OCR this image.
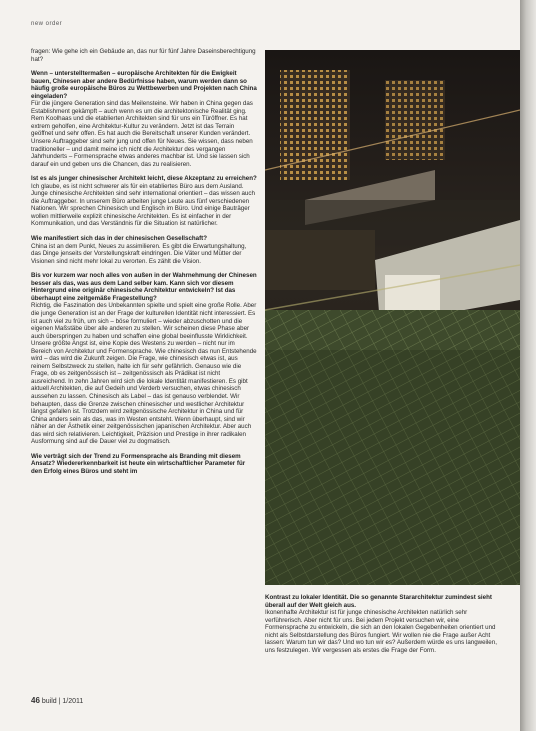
new order

fragen: Wie gehe ich ein Gebäude an, das nur für fünf Jahre Daseinsberechtigung hat?

Wenn – unterstelltermaßen – europäische Architekten für die Ewigkeit bauen, Chinesen aber andere Bedürfnisse haben, warum werden dann so häufig große europäische Büros zu Wettbewerben und Projekten nach China eingeladen?

Für die jüngere Generation sind das Meilensteine. Wir haben in China gegen das Establishment gekämpft – auch wenn es um die architektonische Realität ging. Rem Koolhaas und die etablierten Architekten sind für uns ein Türöffner. Es hat extrem geholfen, eine Architektur-Kultur zu verändern. Jetzt ist das Terrain geöffnet und sehr offen. Es hat auch die Bereitschaft unserer Kunden verändert. Unsere Auftraggeber sind sehr jung und offen für Neues. Sie wissen, dass neben traditioneller – und damit meine ich nicht die Architektur des vergangen Jahrhunderts – Formensprache etwas anderes machbar ist. Und sie lassen sich darauf ein und geben uns die Chancen, das zu realisieren.

Ist es als junger chinesischer Architekt leicht, diese Akzeptanz zu erreichen?

Ich glaube, es ist nicht schwerer als für ein etabliertes Büro aus dem Ausland. Junge chinesische Architekten sind sehr international orientiert – das wissen auch die Auftraggeber. In unserem Büro arbeiten junge Leute aus fünf verschiedenen Nationen. Wir sprechen Chinesisch und Englisch im Büro. Und einige Bauträger wollen mittlerweile explizit chinesische Architekten. Es ist einfacher in der Kommunikation, und das Verständnis für die Situation ist natürlicher.

Wie manifestiert sich das in der chinesischen Gesellschaft?

China ist an dem Punkt, Neues zu assimilieren. Es gibt die Erwartungshaltung, das Dinge jenseits der Vorstellungskraft eindringen. Die Väter und Mütter der Visionen sind nicht mehr lokal zu verorten. Es zählt die Vision.

Bis vor kurzem war noch alles von außen in der Wahrnehmung der Chinesen besser als das, was aus dem Land selber kam. Kann sich vor diesem Hintergrund eine originär chinesische Architektur entwickeln? Ist das überhaupt eine zeitgemäße Fragestellung?

Richtig, die Faszination des Unbekannten spielte und spielt eine große Rolle. Aber die junge Generation ist an der Frage der kulturellen Identität nicht interessiert. Es ist auch viel zu früh, um sich – böse formuliert – wieder abzuschotten und die eigenen Maßstäbe über alle anderen zu stellen. Wir scheinen diese Phase aber auch überspringen zu haben und schaffen eine global beeinflusste Wirklichkeit. Unsere größte Angst ist, eine Kopie des Westens zu werden – nicht nur im Bereich von Architektur und Formensprache. Wie chinesisch das nun Entstehende wird – das wird die Zukunft zeigen. Die Frage, wie chinesisch etwas ist, aus reinem Selbstzweck zu stellen, halte ich für sehr gefährlich. Genauso wie die Frage, ob es zeitgenössisch ist – zeitgenössisch als Prädikat ist nicht ausreichend. In zehn Jahren wird sich die lokale Identität manifestieren. Es gibt aktuell Architekten, die auf Gedeih und Verderb versuchen, etwas chinesisch aussehen zu lassen. Chinesisch als Label – das ist genauso verblendet. Wir behaupten, dass die Grenze zwischen chinesischer und westlicher Architektur längst gefallen ist. Trotzdem wird zeitgenössische Architektur in China und für China anders sein als das, was im Westen entsteht. Wenn überhaupt, sind wir näher an der Ästhetik einer zeitgenössischen japanischen Architektur. Aber auch das wird sich relativieren. Leichtigkeit, Präzision und Prestige in ihrer radikalen Ausformung sind auf die Dauer viel zu dogmatisch.

Wie verträgt sich der Trend zu Formensprache als Branding mit diesem Ansatz? Wiedererkennbarkeit ist heute ein wirtschaftlicher Parameter für den Erfolg eines Büros und steht im

Kontrast zu lokaler Identität. Die so genannte Stararchitektur zumindest sieht überall auf der Welt gleich aus.

Ikonenhafte Architektur ist für junge chinesische Architekten natürlich sehr verführerisch. Aber nicht für uns. Bei jedem Projekt versuchen wir, eine Formensprache zu entwickeln, die sich an den lokalen Gegebenheiten orientiert und nicht als Selbstdarstellung des Büros fungiert. Wir wollen nie die Frage außer Acht lassen: Warum tun wir das? Und wo tun wir es? Außerdem würde es uns langweilen, uns festzulegen. Wir vergessen als erstes die Frage der Form.

46 build | 1/2011
